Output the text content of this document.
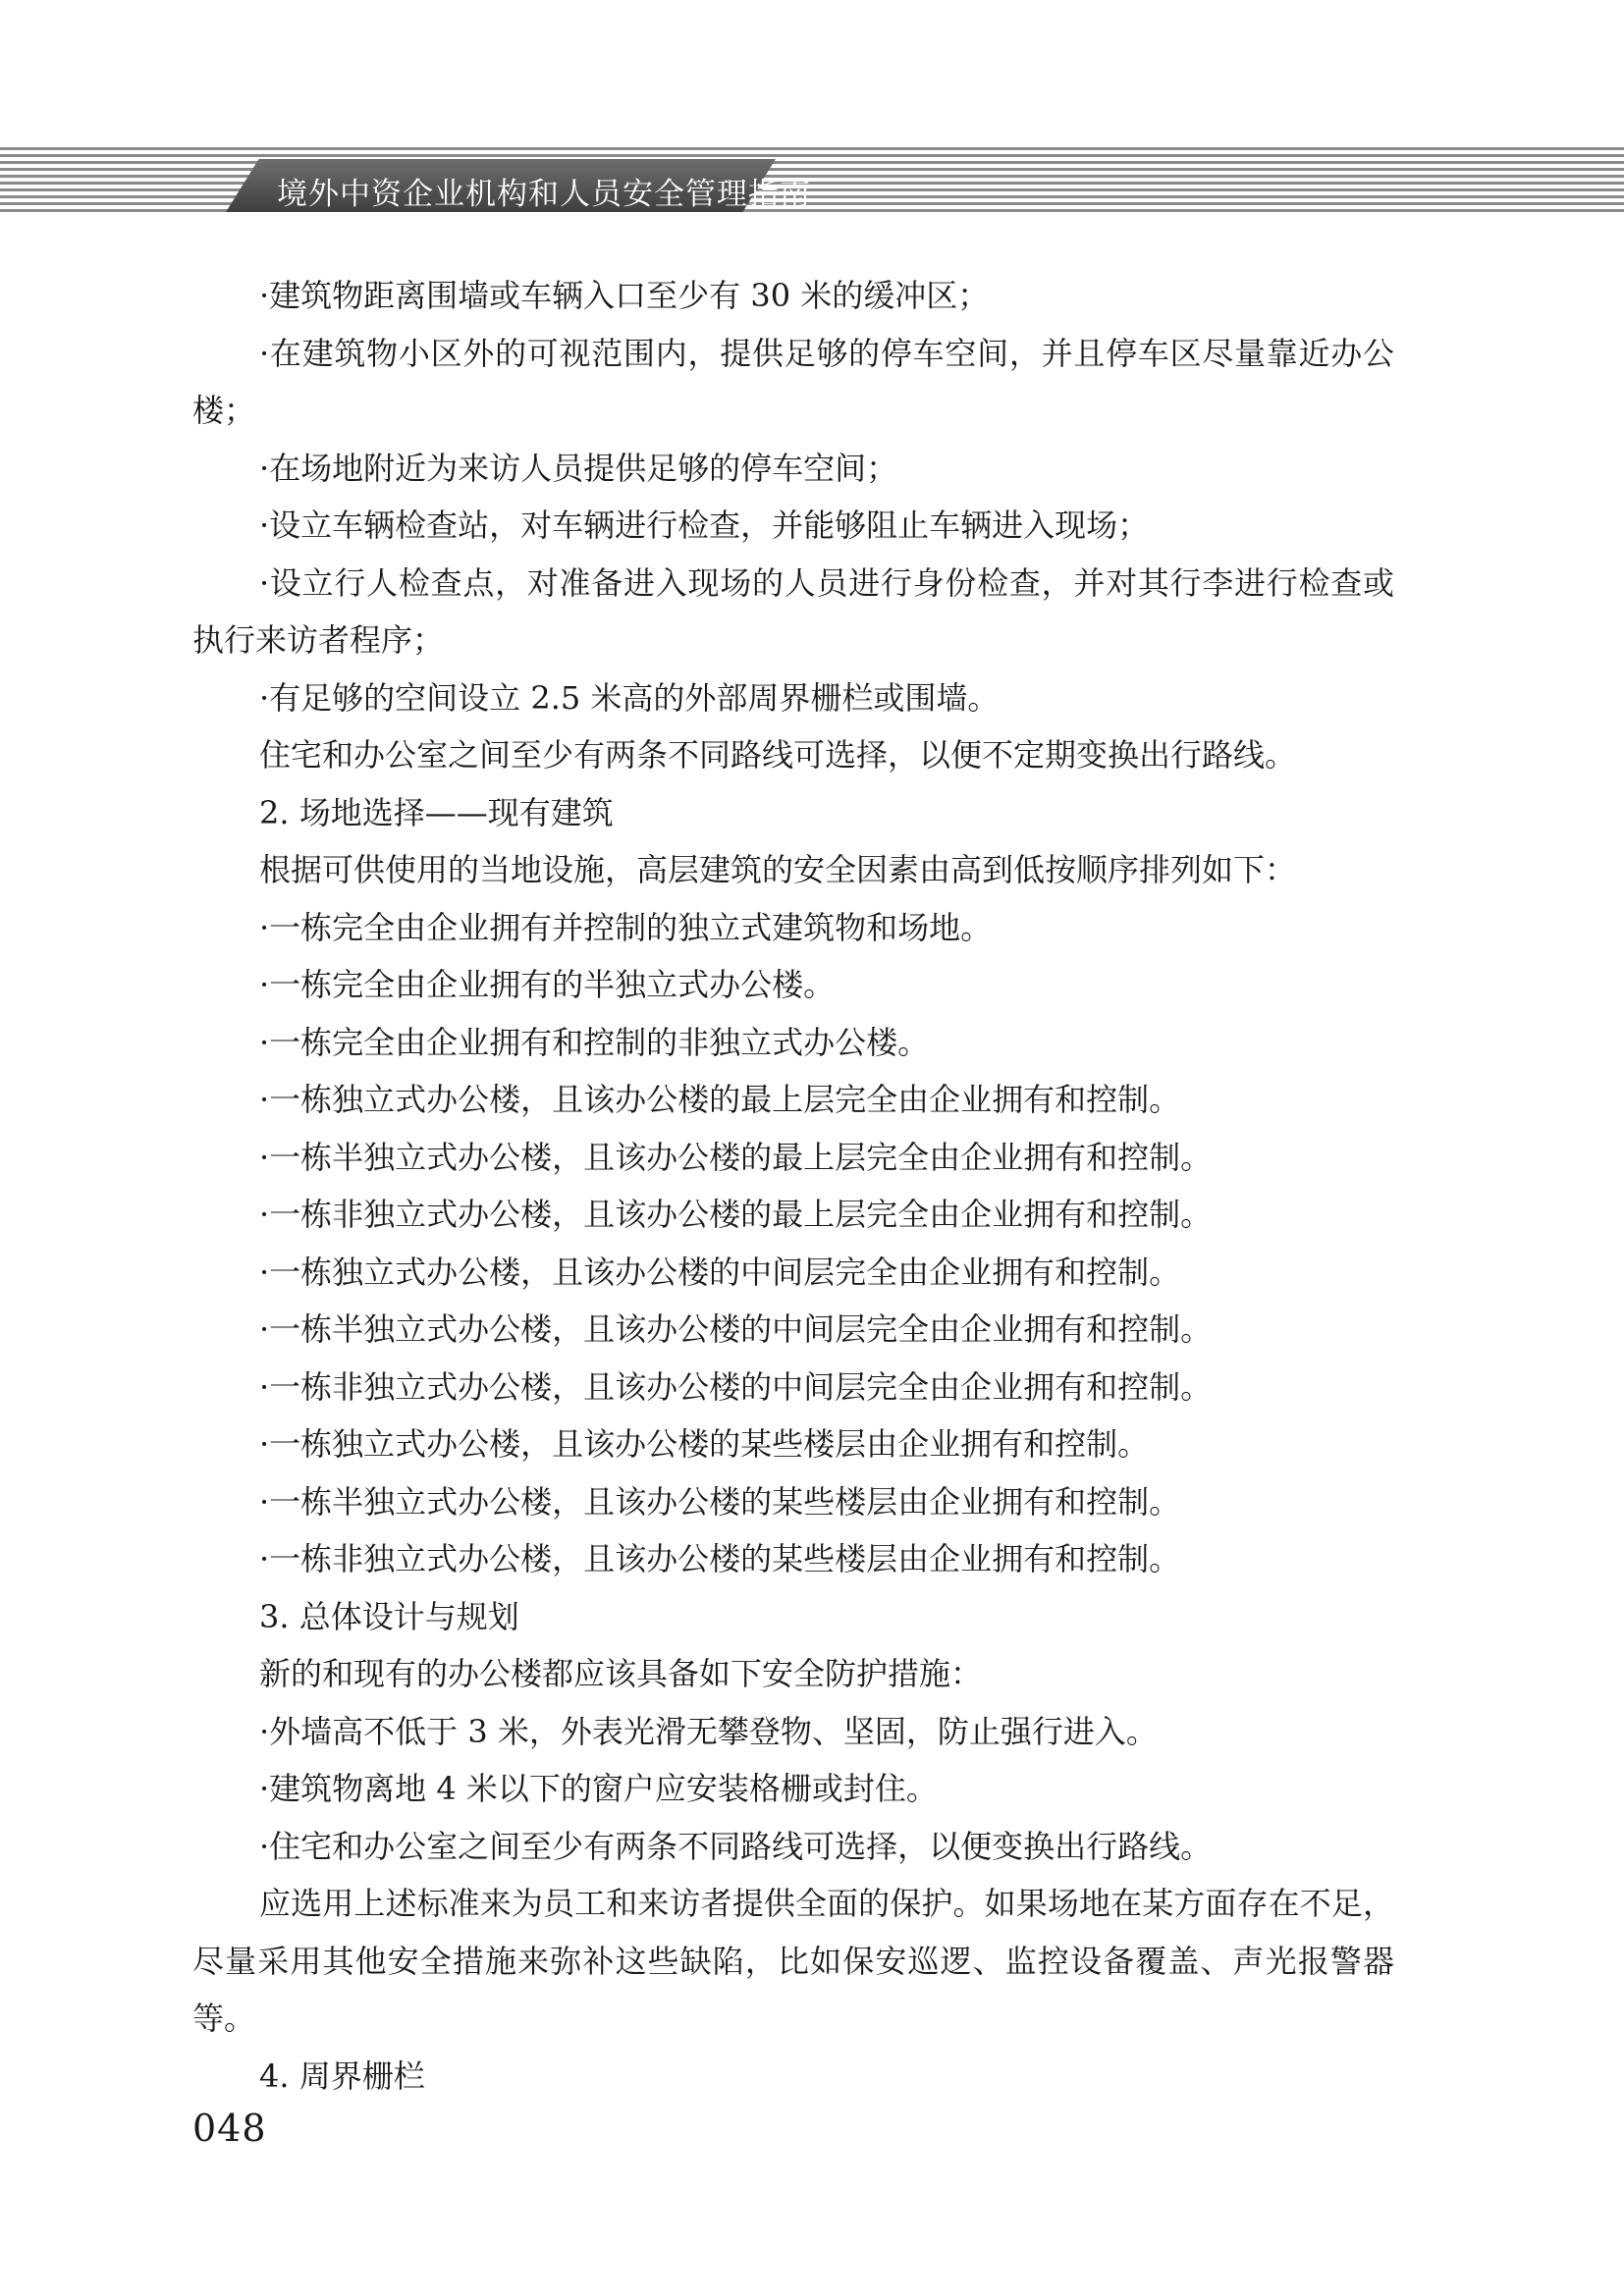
境外中资企业机构和人员安全管理指南

·建筑物距离围墙或车辆入口至少有 30 米的缓冲区；

·在建筑物小区外的可视范围内，提供足够的停车空间，并且停车区尽量靠近办公楼；

·在场地附近为来访人员提供足够的停车空间；

·设立车辆检查站，对车辆进行检查，并能够阻止车辆进入现场；

·设立行人检查点，对准备进入现场的人员进行身份检查，并对其行李进行检查或执行来访者程序；

·有足够的空间设立 2.5 米高的外部周界栅栏或围墙。

住宅和办公室之间至少有两条不同路线可选择，以便不定期变换出行路线。

2. 场地选择——现有建筑

根据可供使用的当地设施，高层建筑的安全因素由高到低按顺序排列如下：

·一栋完全由企业拥有并控制的独立式建筑物和场地。

·一栋完全由企业拥有的半独立式办公楼。

·一栋完全由企业拥有和控制的非独立式办公楼。

·一栋独立式办公楼，且该办公楼的最上层完全由企业拥有和控制。

·一栋半独立式办公楼，且该办公楼的最上层完全由企业拥有和控制。

·一栋非独立式办公楼，且该办公楼的最上层完全由企业拥有和控制。

·一栋独立式办公楼，且该办公楼的中间层完全由企业拥有和控制。

·一栋半独立式办公楼，且该办公楼的中间层完全由企业拥有和控制。

·一栋非独立式办公楼，且该办公楼的中间层完全由企业拥有和控制。

·一栋独立式办公楼，且该办公楼的某些楼层由企业拥有和控制。

·一栋半独立式办公楼，且该办公楼的某些楼层由企业拥有和控制。

·一栋非独立式办公楼，且该办公楼的某些楼层由企业拥有和控制。

3. 总体设计与规划

新的和现有的办公楼都应该具备如下安全防护措施：

·外墙高不低于 3 米，外表光滑无攀登物、坚固，防止强行进入。

·建筑物离地 4 米以下的窗户应安装格栅或封住。

·住宅和办公室之间至少有两条不同路线可选择，以便变换出行路线。

应选用上述标准来为员工和来访者提供全面的保护。如果场地在某方面存在不足，尽量采用其他安全措施来弥补这些缺陷，比如保安巡逻、监控设备覆盖、声光报警器等。

4. 周界栅栏

048
